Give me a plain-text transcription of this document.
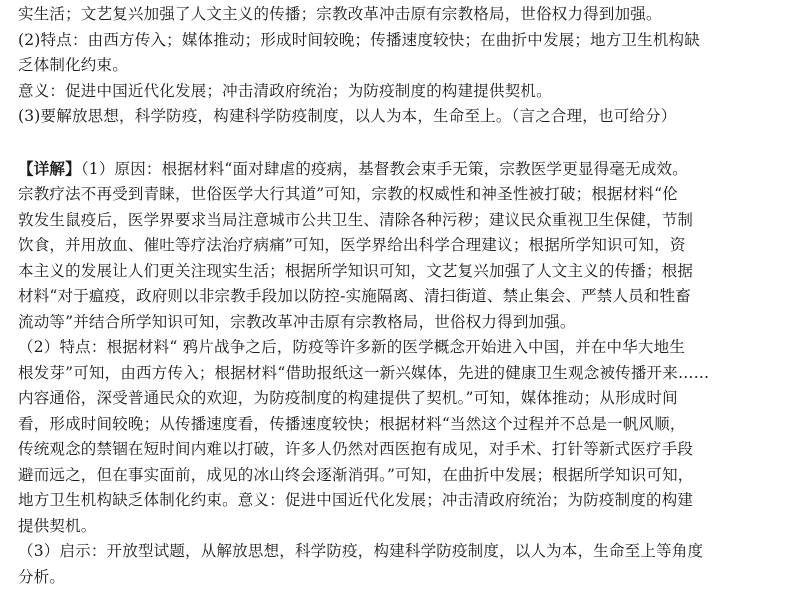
实生活；文艺复兴加强了人文主义的传播；宗教改革冲击原有宗教格局，世俗权力得到加强。
(2)特点：由西方传入；媒体推动；形成时间较晚；传播速度较快；在曲折中发展；地方卫生机构缺
乏体制化约束。
意义：促进中国近代化发展；冲击清政府统治；为防疫制度的构建提供契机。
(3)要解放思想，科学防疫，构建科学防疫制度，以人为本，生命至上。（言之合理，也可给分）
【详解】（1）原因：根据材料“面对肆虐的疫病，基督教会束手无策，宗教医学更显得毫无成效。
宗教疗法不再受到青睐，世俗医学大行其道”可知，宗教的权威性和神圣性被打破；根据材料“伦
敦发生鼠疫后，医学界要求当局注意城市公共卫生、清除各种污秽；建议民众重视卫生保健，节制
饮食，并用放血、催吐等疗法治疗病痛”可知，医学界给出科学合理建议；根据所学知识可知，资
本主义的发展让人们更关注现实生活；根据所学知识可知，文艺复兴加强了人文主义的传播；根据
材料“对于瘟疫，政府则以非宗教手段加以防控-实施隔离、清扫街道、禁止集会、严禁人员和牲畜
流动等”并结合所学知识可知，宗教改革冲击原有宗教格局，世俗权力得到加强。
（2）特点：根据材料“ 鸦片战争之后，防疫等许多新的医学概念开始进入中国，并在中华大地生
根发芽”可知，由西方传入；根据材料“借助报纸这一新兴媒体，先进的健康卫生观念被传播开来……
内容通俗，深受普通民众的欢迎，为防疫制度的构建提供了契机。”可知，媒体推动；从形成时间
看，形成时间较晚；从传播速度看，传播速度较快；根据材料“当然这个过程并不总是一帆风顺，
传统观念的禁锢在短时间内难以打破，许多人仍然对西医抱有成见，对手术、打针等新式医疗手段
避而远之，但在事实面前，成见的冰山终会逐渐消弭。”可知，在曲折中发展；根据所学知识可知，
地方卫生机构缺乏体制化约束。意义：促进中国近代化发展；冲击清政府统治；为防疫制度的构建
提供契机。
（3）启示：开放型试题，从解放思想，科学防疫，构建科学防疫制度，以人为本，生命至上等角度
分析。
